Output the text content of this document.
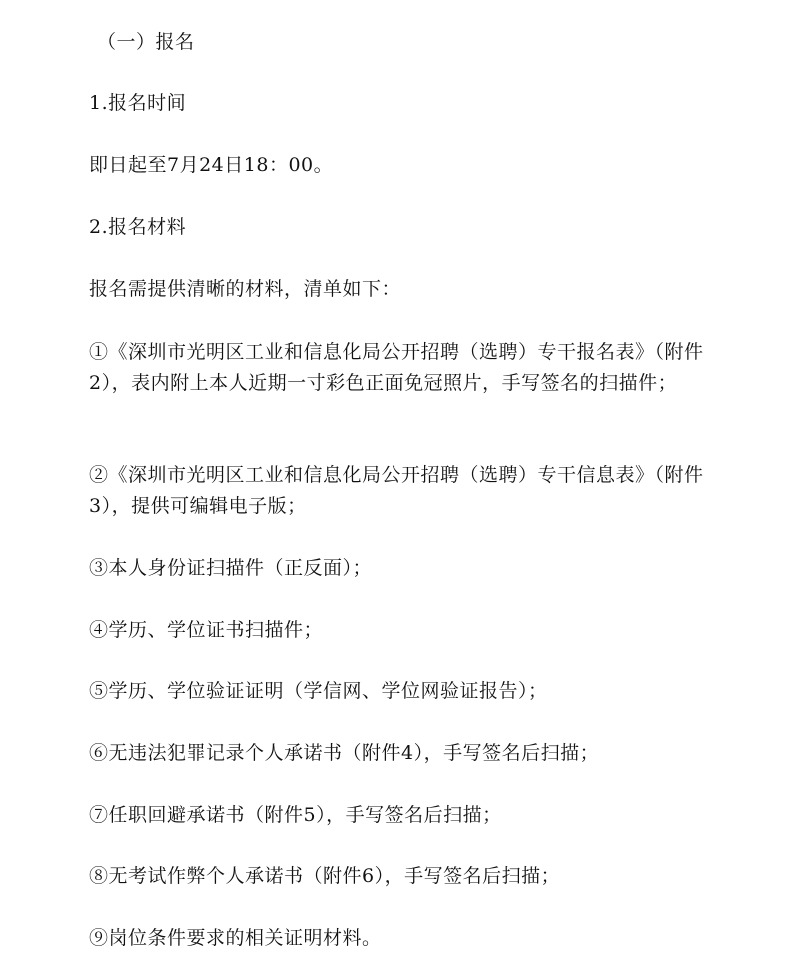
（一）报名

1.报名时间

即日起至7月24日18：00。

2.报名材料

报名需提供清晰的材料，清单如下：

①《深圳市光明区工业和信息化局公开招聘（选聘）专干报名表》（附件2），表内附上本人近期一寸彩色正面免冠照片，手写签名的扫描件；

②《深圳市光明区工业和信息化局公开招聘（选聘）专干信息表》（附件3），提供可编辑电子版；

③本人身份证扫描件（正反面）；

④学历、学位证书扫描件；

⑤学历、学位验证证明（学信网、学位网验证报告）；

⑥无违法犯罪记录个人承诺书（附件4），手写签名后扫描；

⑦任职回避承诺书（附件5），手写签名后扫描；

⑧无考试作弊个人承诺书（附件6），手写签名后扫描；

⑨岗位条件要求的相关证明材料。
